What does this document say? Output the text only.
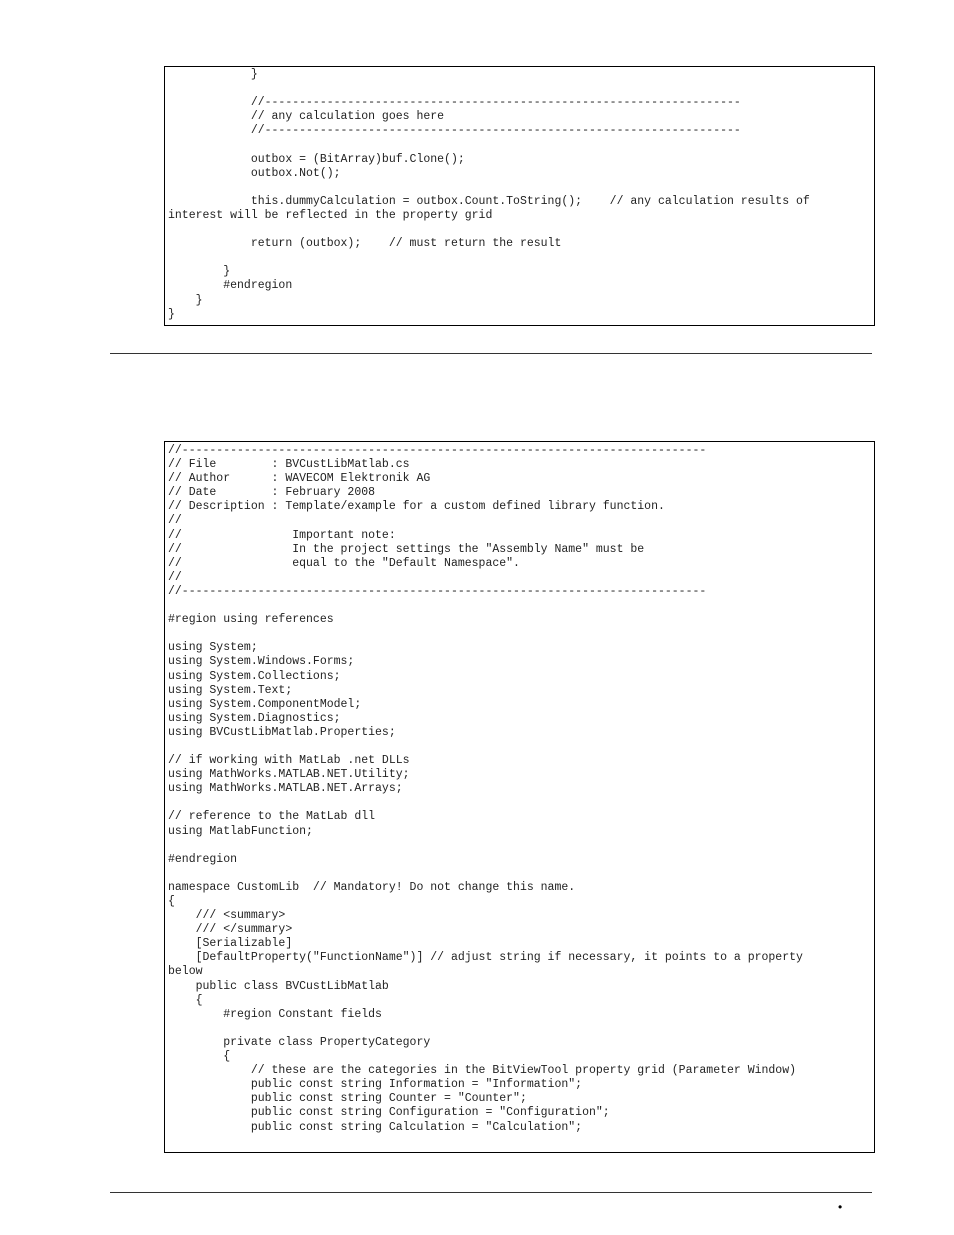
}
//---------------------------------------------------------------------
// any calculation goes here
//---------------------------------------------------------------------
outbox = (BitArray)buf.Clone();
outbox.Not();
this.dummyCalculation = outbox.Count.ToString();    // any calculation results of
interest will be reflected in the property grid
return (outbox);    // must return the result
}
#endregion
}
}
//----------------------------------------------------------------------------
// File        : BVCustLibMatlab.cs
// Author      : WAVECOM Elektronik AG
// Date        : February 2008
// Description : Template/example for a custom defined library function.
//
//                Important note:
//                In the project settings the "Assembly Name" must be
//                equal to the "Default Namespace".
//
//----------------------------------------------------------------------------
#region using references
using System;
using System.Windows.Forms;
using System.Collections;
using System.Text;
using System.ComponentModel;
using System.Diagnostics;
using BVCustLibMatlab.Properties;
// if working with MatLab .net DLLs
using MathWorks.MATLAB.NET.Utility;
using MathWorks.MATLAB.NET.Arrays;
// reference to the MatLab dll
using MatlabFunction;
#endregion
namespace CustomLib  // Mandatory! Do not change this name.
{
/// <summary>
/// </summary>
[Serializable]
[DefaultProperty("FunctionName")] // adjust string if necessary, it points to a property
below
public class BVCustLibMatlab
{
#region Constant fields
private class PropertyCategory
{
// these are the categories in the BitViewTool property grid (Parameter Window)
public const string Information = "Information";
public const string Counter = "Counter";
public const string Configuration = "Configuration";
public const string Calculation = "Calculation";
•
